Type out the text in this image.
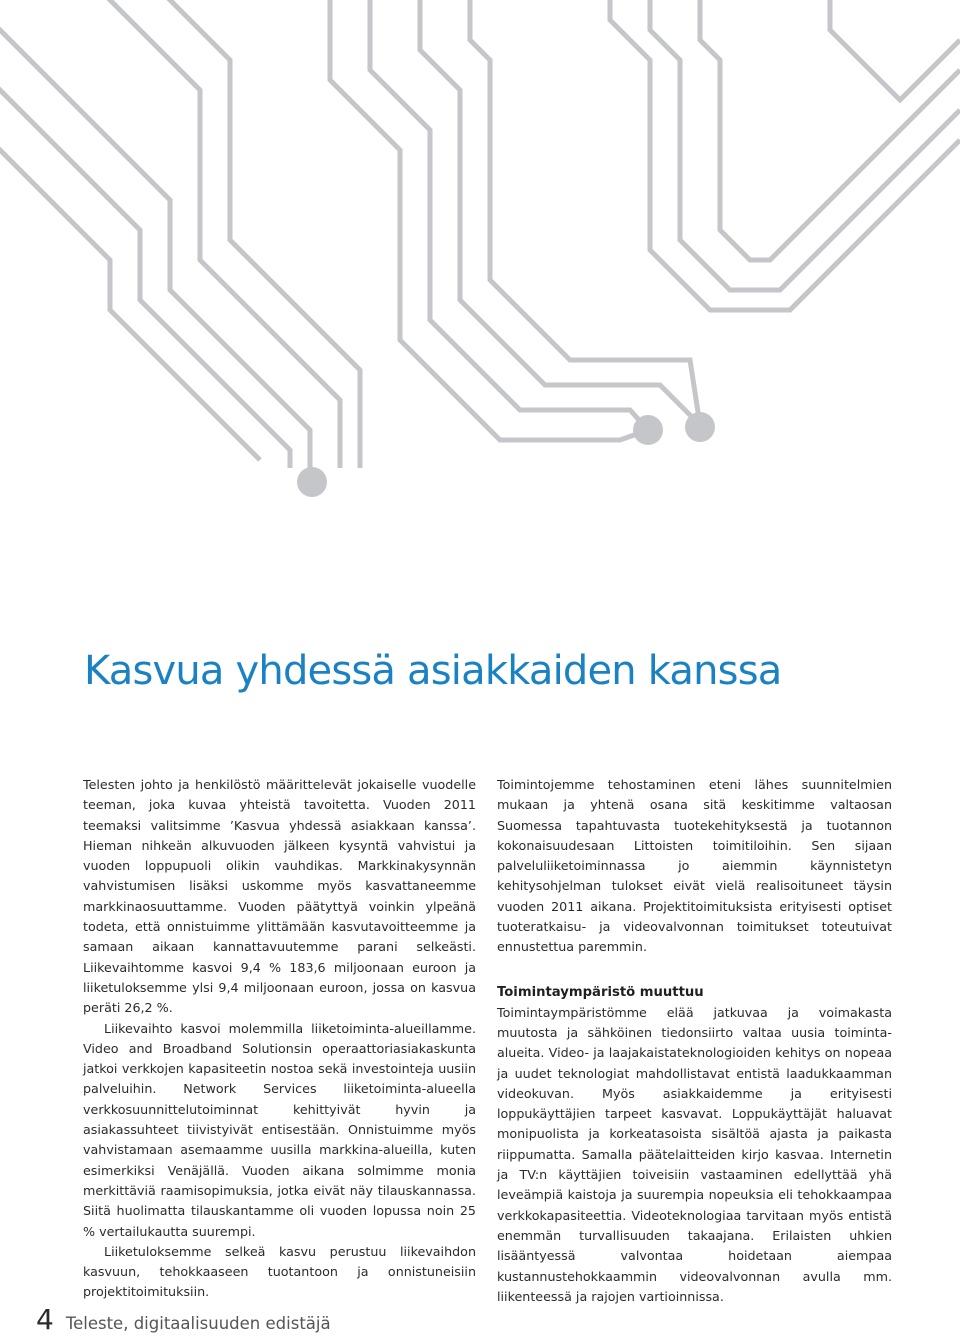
Kasvua yhdessä asiakkaiden kanssa

Telesten johto ja henkilöstö määrittelevät jokaiselle vuodelle teeman, joka kuvaa yhteistä tavoitetta. Vuoden 2011 teemaksi valitsimme ’Kasvua yhdessä asiakkaan kanssa’. Hieman nihkeän alkuvuoden jälkeen kysyntä vahvistui ja vuoden loppupuoli olikin vauhdikas. Markkinakysynnän vahvistumisen lisäksi uskomme myös kasvattaneemme markkinaosuuttamme. Vuoden päätyttyä voinkin ylpeänä todeta, että onnistuimme ylittämään kasvutavoitteemme ja samaan aikaan kannattavuutemme parani selkeästi. Liikevaihtomme kasvoi 9,4 % 183,6 miljoonaan euroon ja liiketuloksemme ylsi 9,4 miljoonaan euroon, jossa on kasvua peräti 26,2 %.

Liikevaihto kasvoi molemmilla liiketoiminta-alueillamme. Video and Broadband Solutionsin operaattoriasiakaskunta jatkoi verkkojen kapasiteetin nostoa sekä investointeja uusiin palveluihin. Network Services liiketoiminta-alueella verkkosuunnittelutoiminnat kehittyivät hyvin ja asiakassuhteet tiivistyivät entisestään. Onnistuimme myös vahvistamaan asemaamme uusilla markkina-alueilla, kuten esimerkiksi Venäjällä. Vuoden aikana solmimme monia merkittäviä raamisopimuksia, jotka eivät näy tilauskannassa. Siitä huolimatta tilauskantamme oli vuoden lopussa noin 25 % vertailukautta suurempi.

Liiketuloksemme selkeä kasvu perustuu liikevaihdon kasvuun, tehokkaaseen tuotantoon ja onnistuneisiin projektitoimituksiin.

Toimintojemme tehostaminen eteni lähes suunnitelmien mukaan ja yhtenä osana sitä keskitimme valtaosan Suomessa tapahtuvasta tuotekehityksestä ja tuotannon kokonaisuudesaan Littoisten toimitiloihin. Sen sijaan palveluliiketoiminnassa jo aiemmin käynnistetyn kehitysohjelman tulokset eivät vielä realisoituneet täysin vuoden 2011 aikana. Projektitoimituksista erityisesti optiset tuoteratkaisu- ja videovalvonnan toimitukset toteutuivat ennustettua paremmin.

Toimintaympäristö muuttuu

Toimintaympäristömme elää jatkuvaa ja voimakasta muutosta ja sähköinen tiedonsiirto valtaa uusia toiminta-alueita. Video- ja laajakaistateknologioiden kehitys on nopeaa ja uudet teknologiat mahdollistavat entistä laadukkaamman videokuvan. Myös asiakkaidemme ja erityisesti loppukäyttäjien tarpeet kasvavat. Loppukäyttäjät haluavat monipuolista ja korkeatasoista sisältöä ajasta ja paikasta riippumatta. Samalla päätelaitteiden kirjo kasvaa. Internetin ja TV:n käyttäjien toiveisiin vastaaminen edellyttää yhä leveämpiä kaistoja ja suurempia nopeuksia eli tehokkaampaa verkkokapasiteettia. Videoteknologiaa tarvitaan myös entistä enemmän turvallisuuden takaajana. Erilaisten uhkien lisääntyessä valvontaa hoidetaan aiempaa kustannustehokkaammin videovalvonnan avulla mm. liikenteessä ja rajojen vartioinnissa.

4 Teleste, digitaalisuuden edistäjä
